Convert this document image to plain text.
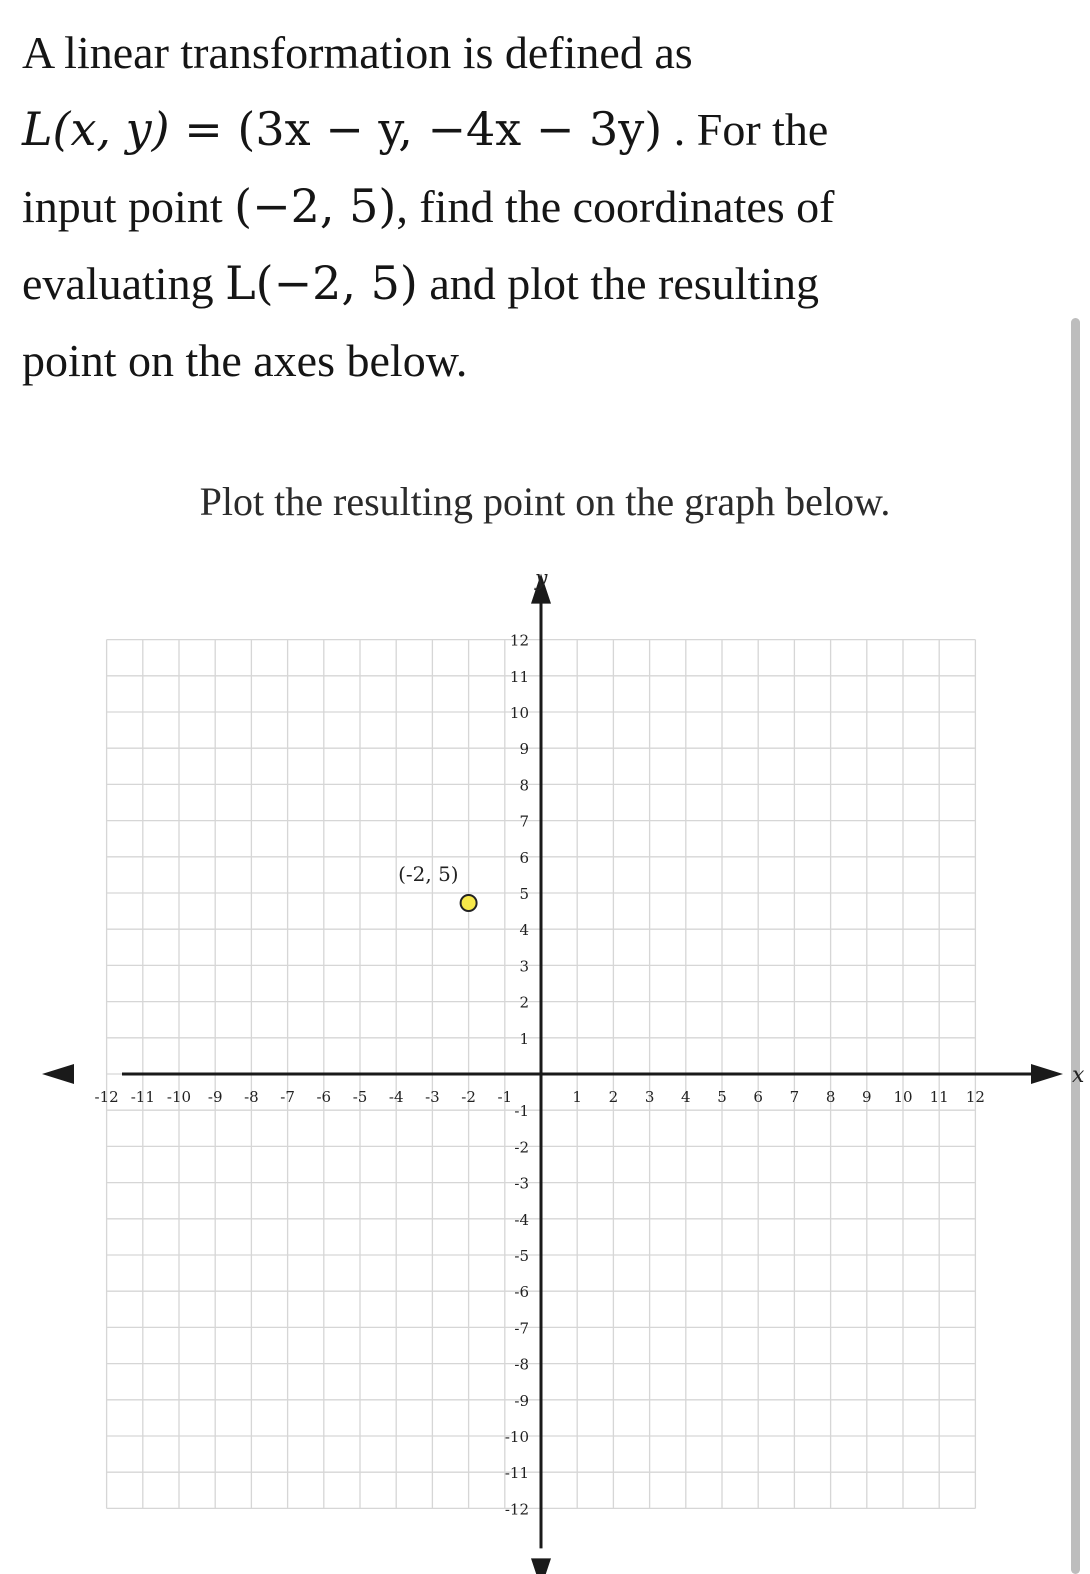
A linear transformation is defined as
L(x, y) = (3x − y, −4x − 3y) . For the
input point (−2, 5), find the coordinates of
evaluating L(−2, 5) and plot the resulting
point on the axes below.
Plot the resulting point on the graph below.
-12 -11 -10 -9 -8 -7 -6 -5 -4 -3 -2 -1	1 2 3 4 5 6 7 8 9 10 11 12
12
11
10
9
8
7
6
5
4
3
2
1
-1
-2
-3
-4
-5
-6
-7
-8
-9
-10
-11
-12
x
y
(-2, 5)
